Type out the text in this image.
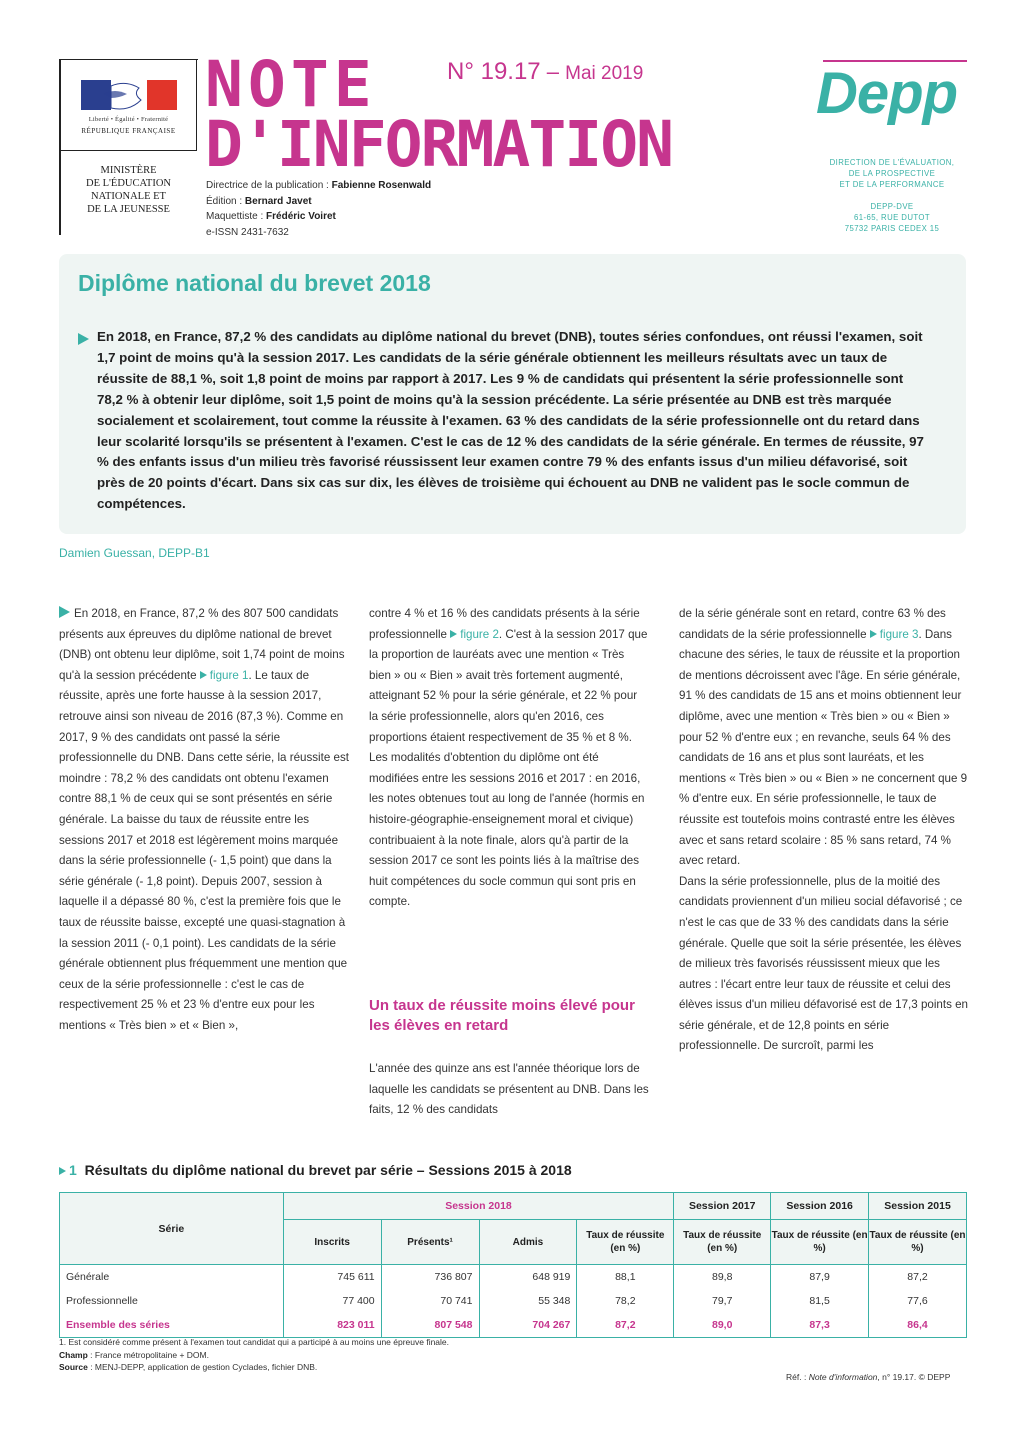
Liberté • Égalité • Fraternité
RÉPUBLIQUE FRANÇAISE
MINISTÈRE
DE L'ÉDUCATION
NATIONALE ET
DE LA JEUNESSE
NOTE
D'INFORMATION
N° 19.17 – Mai 2019
Directrice de la publication : Fabienne Rosenwald
Édition : Bernard Javet
Maquettiste : Frédéric Voiret
e-ISSN 2431-7632
Depp
DIRECTION DE L'ÉVALUATION,
DE LA PROSPECTIVE
ET DE LA PERFORMANCE
DEPP-DVE
61-65, RUE DUTOT
75732 PARIS CEDEX 15
Diplôme national du brevet 2018
En 2018, en France, 87,2 % des candidats au diplôme national du brevet (DNB), toutes séries confondues, ont réussi l'examen, soit 1,7 point de moins qu'à la session 2017. Les candidats de la série générale obtiennent les meilleurs résultats avec un taux de réussite de 88,1 %, soit 1,8 point de moins par rapport à 2017. Les 9 % de candidats qui présentent la série professionnelle sont 78,2 % à obtenir leur diplôme, soit 1,5 point de moins qu'à la session précédente. La série présentée au DNB est très marquée socialement et scolairement, tout comme la réussite à l'examen. 63 % des candidats de la série professionnelle ont du retard dans leur scolarité lorsqu'ils se présentent à l'examen. C'est le cas de 12 % des candidats de la série générale. En termes de réussite, 97 % des enfants issus d'un milieu très favorisé réussissent leur examen contre 79 % des enfants issus d'un milieu défavorisé, soit près de 20 points d'écart. Dans six cas sur dix, les élèves de troisième qui échouent au DNB ne valident pas le socle commun de compétences.
Damien Guessan, DEPP-B1

En 2018, en France, 87,2 % des 807 500 candidats présents aux épreuves du diplôme national de brevet (DNB) ont obtenu leur diplôme, soit 1,74 point de moins qu'à la session précédente figure 1. Le taux de réussite, après une forte hausse à la session 2017, retrouve ainsi son niveau de 2016 (87,3 %). Comme en 2017, 9 % des candidats ont passé la série professionnelle du DNB. Dans cette série, la réussite est moindre : 78,2 % des candidats ont obtenu l'examen contre 88,1 % de ceux qui se sont présentés en série générale. La baisse du taux de réussite entre les sessions 2017 et 2018 est légèrement moins marquée dans la série professionnelle (- 1,5 point) que dans la série générale (- 1,8 point). Depuis 2007, session à laquelle il a dépassé 80 %, c'est la première fois que le taux de réussite baisse, excepté une quasi-stagnation à la session 2011 (- 0,1 point). Les candidats de la série générale obtiennent plus fréquemment une mention que ceux de la série professionnelle : c'est le cas de respectivement 25 % et 23 % d'entre eux pour les mentions « Très bien » et « Bien »,

contre 4 % et 16 % des candidats présents à la série professionnelle figure 2. C'est à la session 2017 que la proportion de lauréats avec une mention « Très bien » ou « Bien » avait très fortement augmenté, atteignant 52 % pour la série générale, et 22 % pour la série professionnelle, alors qu'en 2016, ces proportions étaient respectivement de 35 % et 8 %. Les modalités d'obtention du diplôme ont été modifiées entre les sessions 2016 et 2017 : en 2016, les notes obtenues tout au long de l'année (hormis en histoire-géographie-enseignement moral et civique) contribuaient à la note finale, alors qu'à partir de la session 2017 ce sont les points liés à la maîtrise des huit compétences du socle commun qui sont pris en compte.

Un taux de réussite moins élevé pour les élèves en retard

L'année des quinze ans est l'année théorique lors de laquelle les candidats se présentent au DNB. Dans les faits, 12 % des candidats

de la série générale sont en retard, contre 63 % des candidats de la série professionnelle figure 3. Dans chacune des séries, le taux de réussite et la proportion de mentions décroissent avec l'âge. En série générale, 91 % des candidats de 15 ans et moins obtiennent leur diplôme, avec une mention « Très bien » ou « Bien » pour 52 % d'entre eux ; en revanche, seuls 64 % des candidats de 16 ans et plus sont lauréats, et les mentions « Très bien » ou « Bien » ne concernent que 9 % d'entre eux. En série professionnelle, le taux de réussite est toutefois moins contrasté entre les élèves avec et sans retard scolaire : 85 % sans retard, 74 % avec retard.

Dans la série professionnelle, plus de la moitié des candidats proviennent d'un milieu social défavorisé ; ce n'est le cas que de 33 % des candidats dans la série générale. Quelle que soit la série présentée, les élèves de milieux très favorisés réussissent mieux que les autres : l'écart entre leur taux de réussite et celui des élèves issus d'un milieu défavorisé est de 17,3 points en série générale, et de 12,8 points en série professionnelle. De surcroît, parmi les

1 Résultats du diplôme national du brevet par série – Sessions 2015 à 2018
Série	Session 2018				Session 2017	Session 2016	Session 2015
	Inscrits	Présents¹	Admis	Taux de réussite (en %)	Taux de réussite (en %)	Taux de réussite (en %)	Taux de réussite (en %)
Générale	745 611	736 807	648 919	88,1	89,8	87,9	87,2
Professionnelle	77 400	70 741	55 348	78,2	79,7	81,5	77,6
Ensemble des séries	823 011	807 548	704 267	87,2	89,0	87,3	86,4
1. Est considéré comme présent à l'examen tout candidat qui a participé à au moins une épreuve finale.
Champ : France métropolitaine + DOM.
Source : MENJ-DEPP, application de gestion Cyclades, fichier DNB.
Réf. : Note d'information, n° 19.17. © DEPP
